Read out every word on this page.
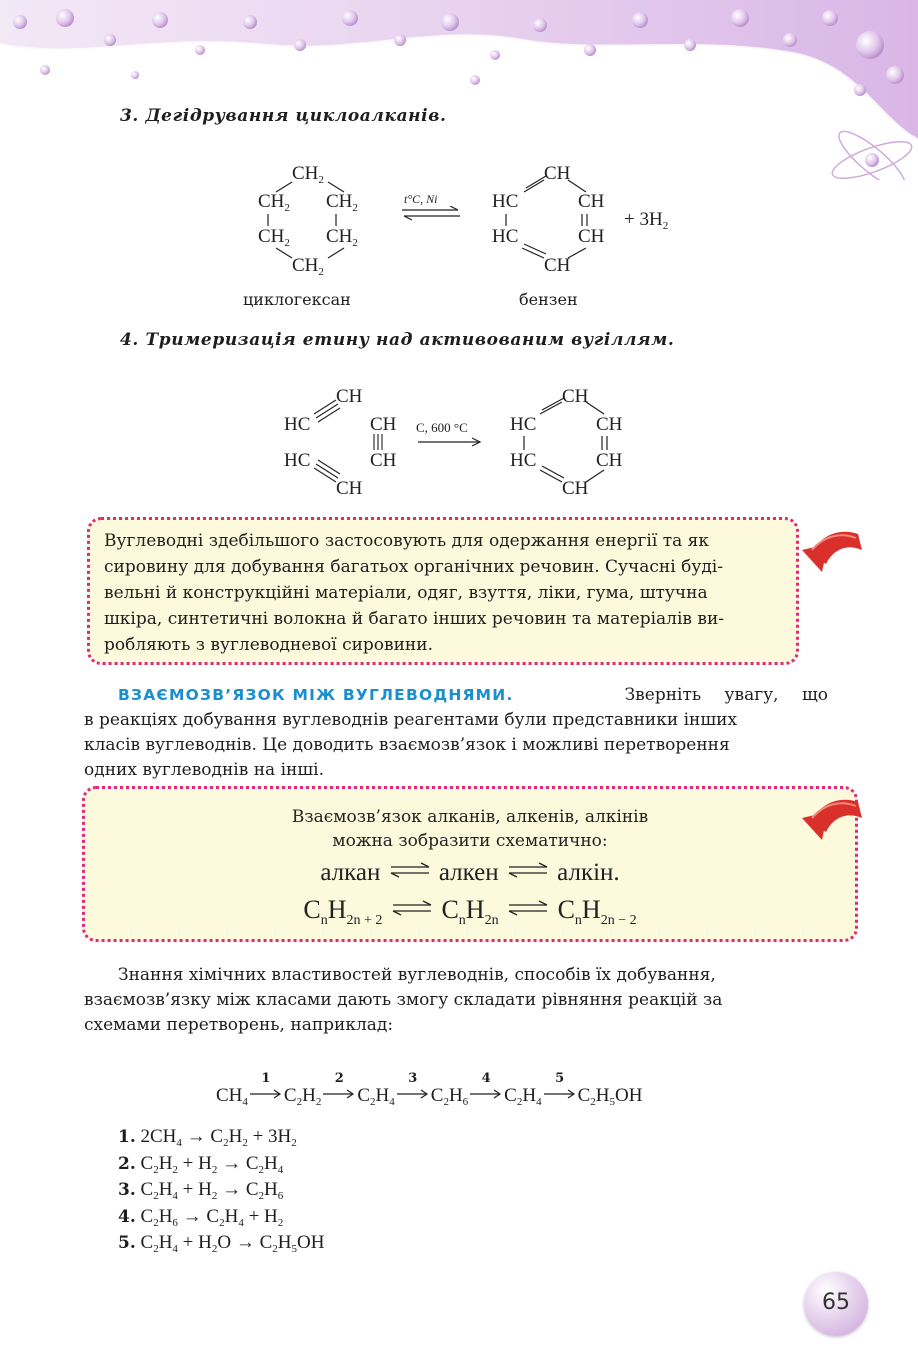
3. Дегідрування циклоалканів.
$CH_2$
$CH_2$ $CH_2$
$CH_2$ $CH_2$
$CH_2$
циклогексан
t°C, Ni
CH
HC	CH
HC	CH
CH
бензен
+ $3H_2$
4. Тримеризація етину над активованим вугіллям.
CH
HC	CH
HC	CH
CH
C, 600 °C
CH
HC	CH
HC	CH
CH
Вуглеводні здебільшого застосовують для одержання енергії та як
сировину для добування багатьох органічних речовин. Сучасні буді-
вельні й конструкційні матеріали, одяг, взуття, ліки, гума, штучна
шкіра, синтетичні волокна й багато інших речовин та матеріалів ви-
робляють з вуглеводневої сировини.
ВЗАЄМОЗВ’ЯЗОК МІЖ ВУГЛЕВОДНЯМИ.	Зверніть увагу, що
в реакціях добування вуглеводнів реагентами були представники інших
класів вуглеводнів. Це доводить взаємозв’язок і можливі перетворення
одних вуглеводнів на інші.
Взаємозв’язок алканів, алкенів, алкінів
можна зобразити схематично:
алкан алкен алкін.
$C_nH_{2n + 2}$  $C_nH_{2n}$  $C_nH_{2n - 2}$
Знання хімічних властивостей вуглеводнів, способів їх добування,
взаємозв’язку між класами дають змогу складати рівняння реакцій за
схемами перетворень, наприклад:
$CH_4$
1
$C_2H_2$
2
$C_2H_4$
3
$C_2H_6$
4
$C_2H_4$
5
$C_2H_5OH$
1. $2CH_4 \to C_2H_2 + 3H_2$
2. $C_2H_2 + H_2 \to C_2H_4$
3. $C_2H_4 + H_2 \to C_2H_6$
4. $C_2H_6 \to C_2H_4 + H_2$
5. $C_2H_4 + H_2O \to C_2H_5OH$
65
